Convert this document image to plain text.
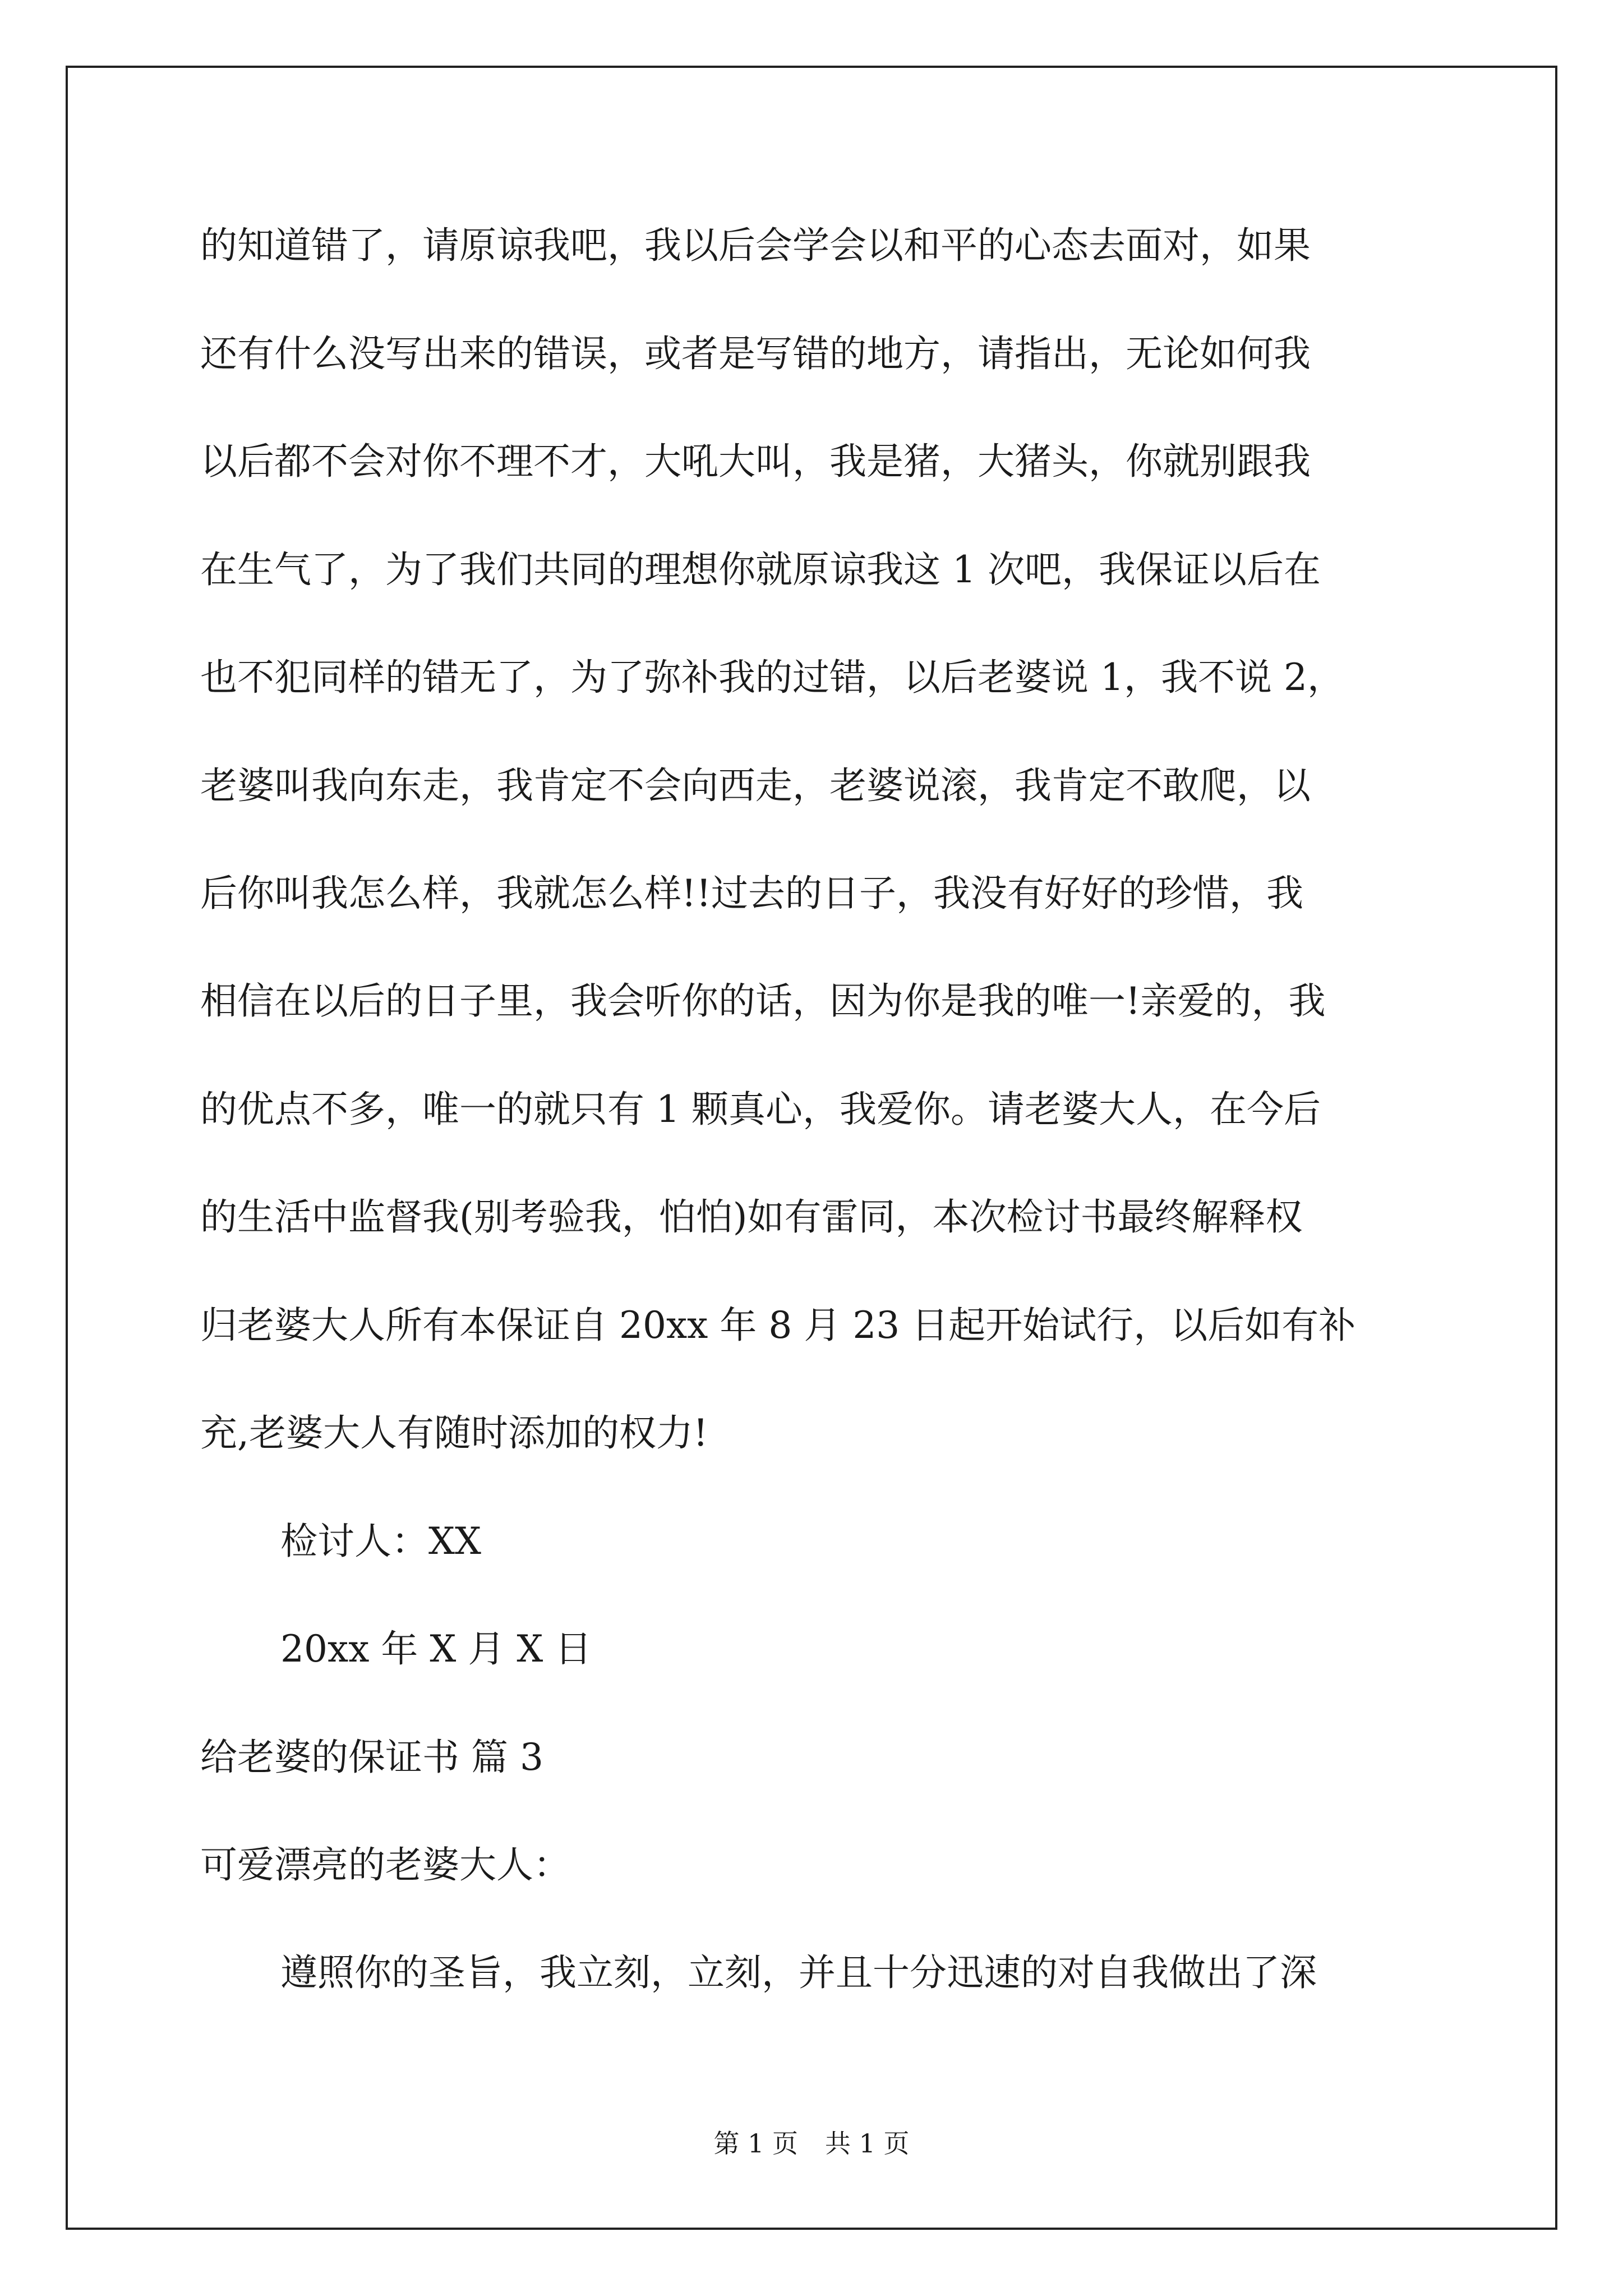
的知道错了，请原谅我吧，我以后会学会以和平的心态去面对，如果

还有什么没写出来的错误，或者是写错的地方，请指出，无论如何我

以后都不会对你不理不才，大吼大叫，我是猪，大猪头，你就别跟我

在生气了，为了我们共同的理想你就原谅我这 1 次吧，我保证以后在

也不犯同样的错无了，为了弥补我的过错，以后老婆说 1，我不说 2，

老婆叫我向东走，我肯定不会向西走，老婆说滚，我肯定不敢爬，以

后你叫我怎么样，我就怎么样!!过去的日子，我没有好好的珍惜，我

相信在以后的日子里，我会听你的话，因为你是我的唯一!亲爱的，我

的优点不多，唯一的就只有 1 颗真心，我爱你。请老婆大人，在今后

的生活中监督我(别考验我，怕怕)如有雷同，本次检讨书最终解释权

归老婆大人所有本保证自 20xx 年 8 月 23 日起开始试行，以后如有补

充,老婆大人有随时添加的权力!

检讨人：XX

20xx 年 X 月 X 日

给老婆的保证书 篇 3

可爱漂亮的老婆大人：

遵照你的圣旨，我立刻，立刻，并且十分迅速的对自我做出了深

第 1 页 共 1 页
